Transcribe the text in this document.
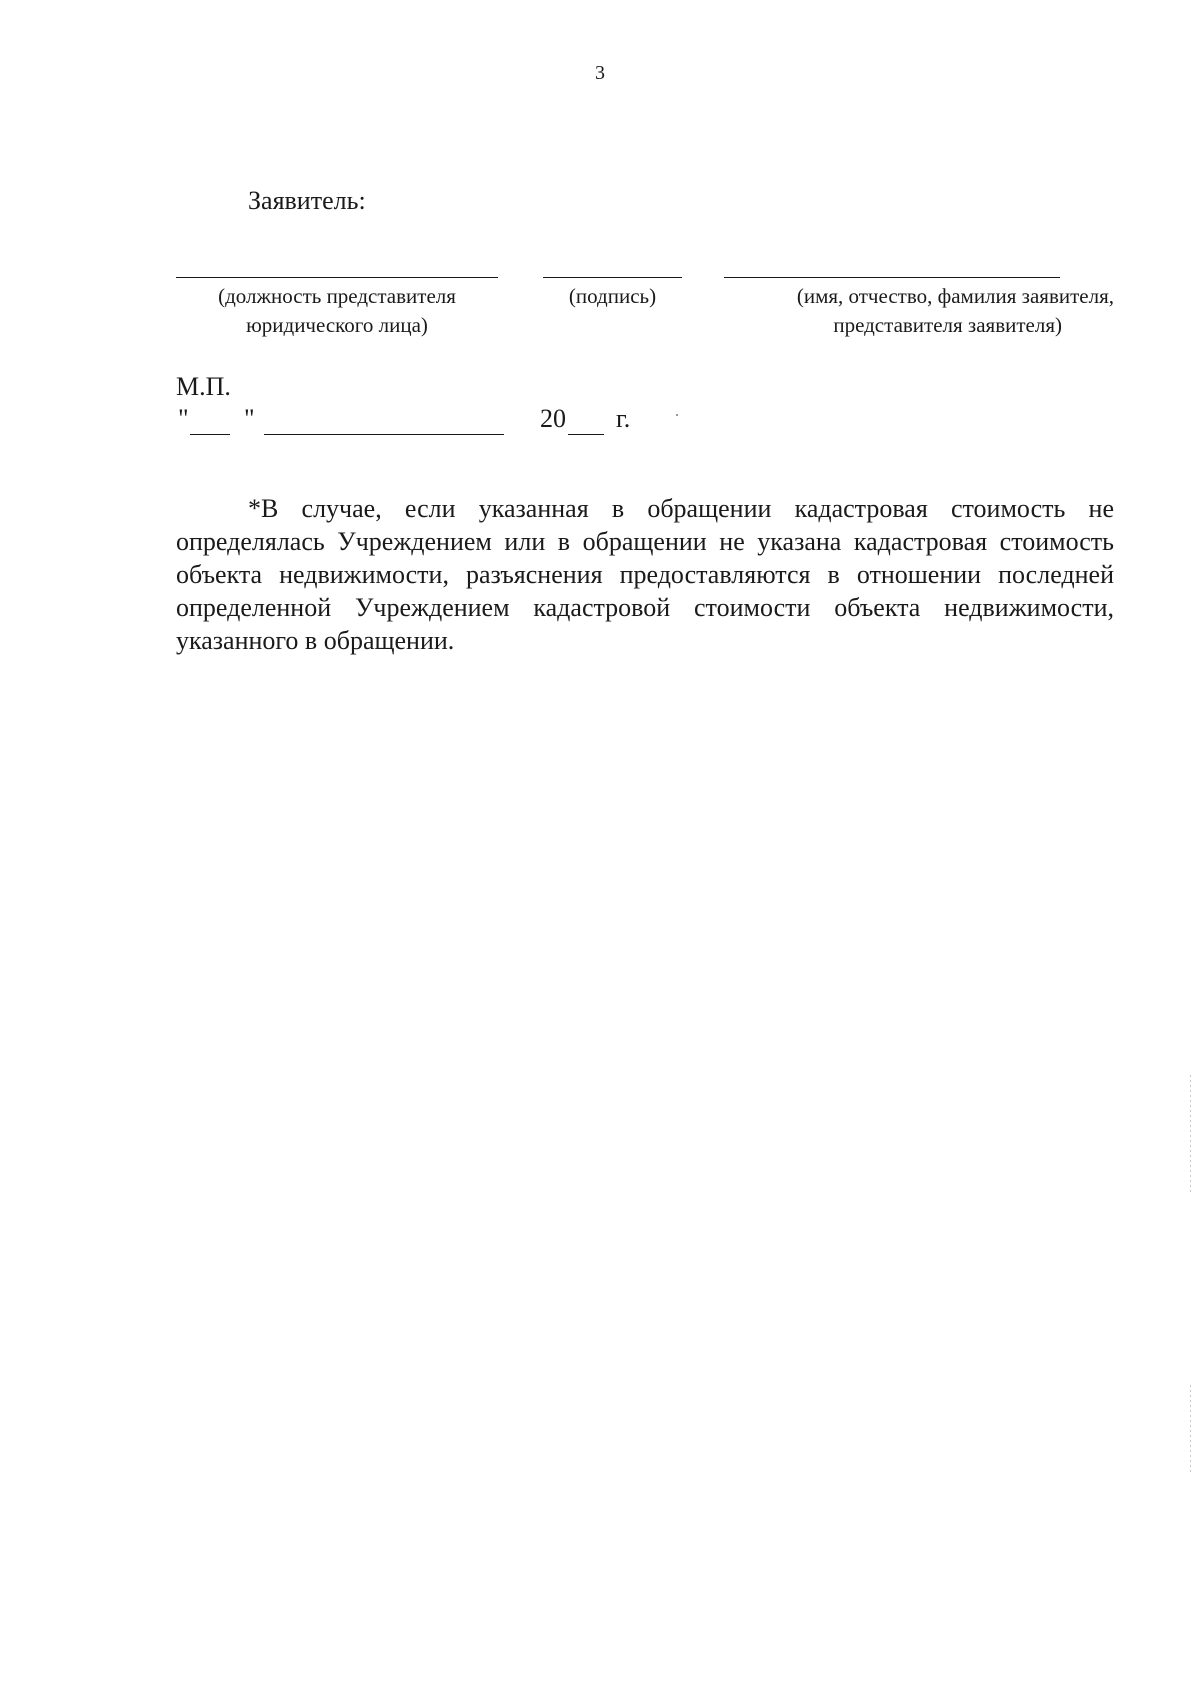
3
Заявитель:
(должность представителя
юридического лица)
(подпись)	(имя, отчество, фамилия заявителя,
представителя заявителя)
М.П.
" "	20 г.

*В случае, если указанная в обращении кадастровая стоимость не определялась Учреждением или в обращении не указана кадастровая стоимость объекта недвижимости, разъяснения предоставляются в отношении последней определенной Учреждением кадастровой стоимости объекта недвижимости, указанного в обращении.
